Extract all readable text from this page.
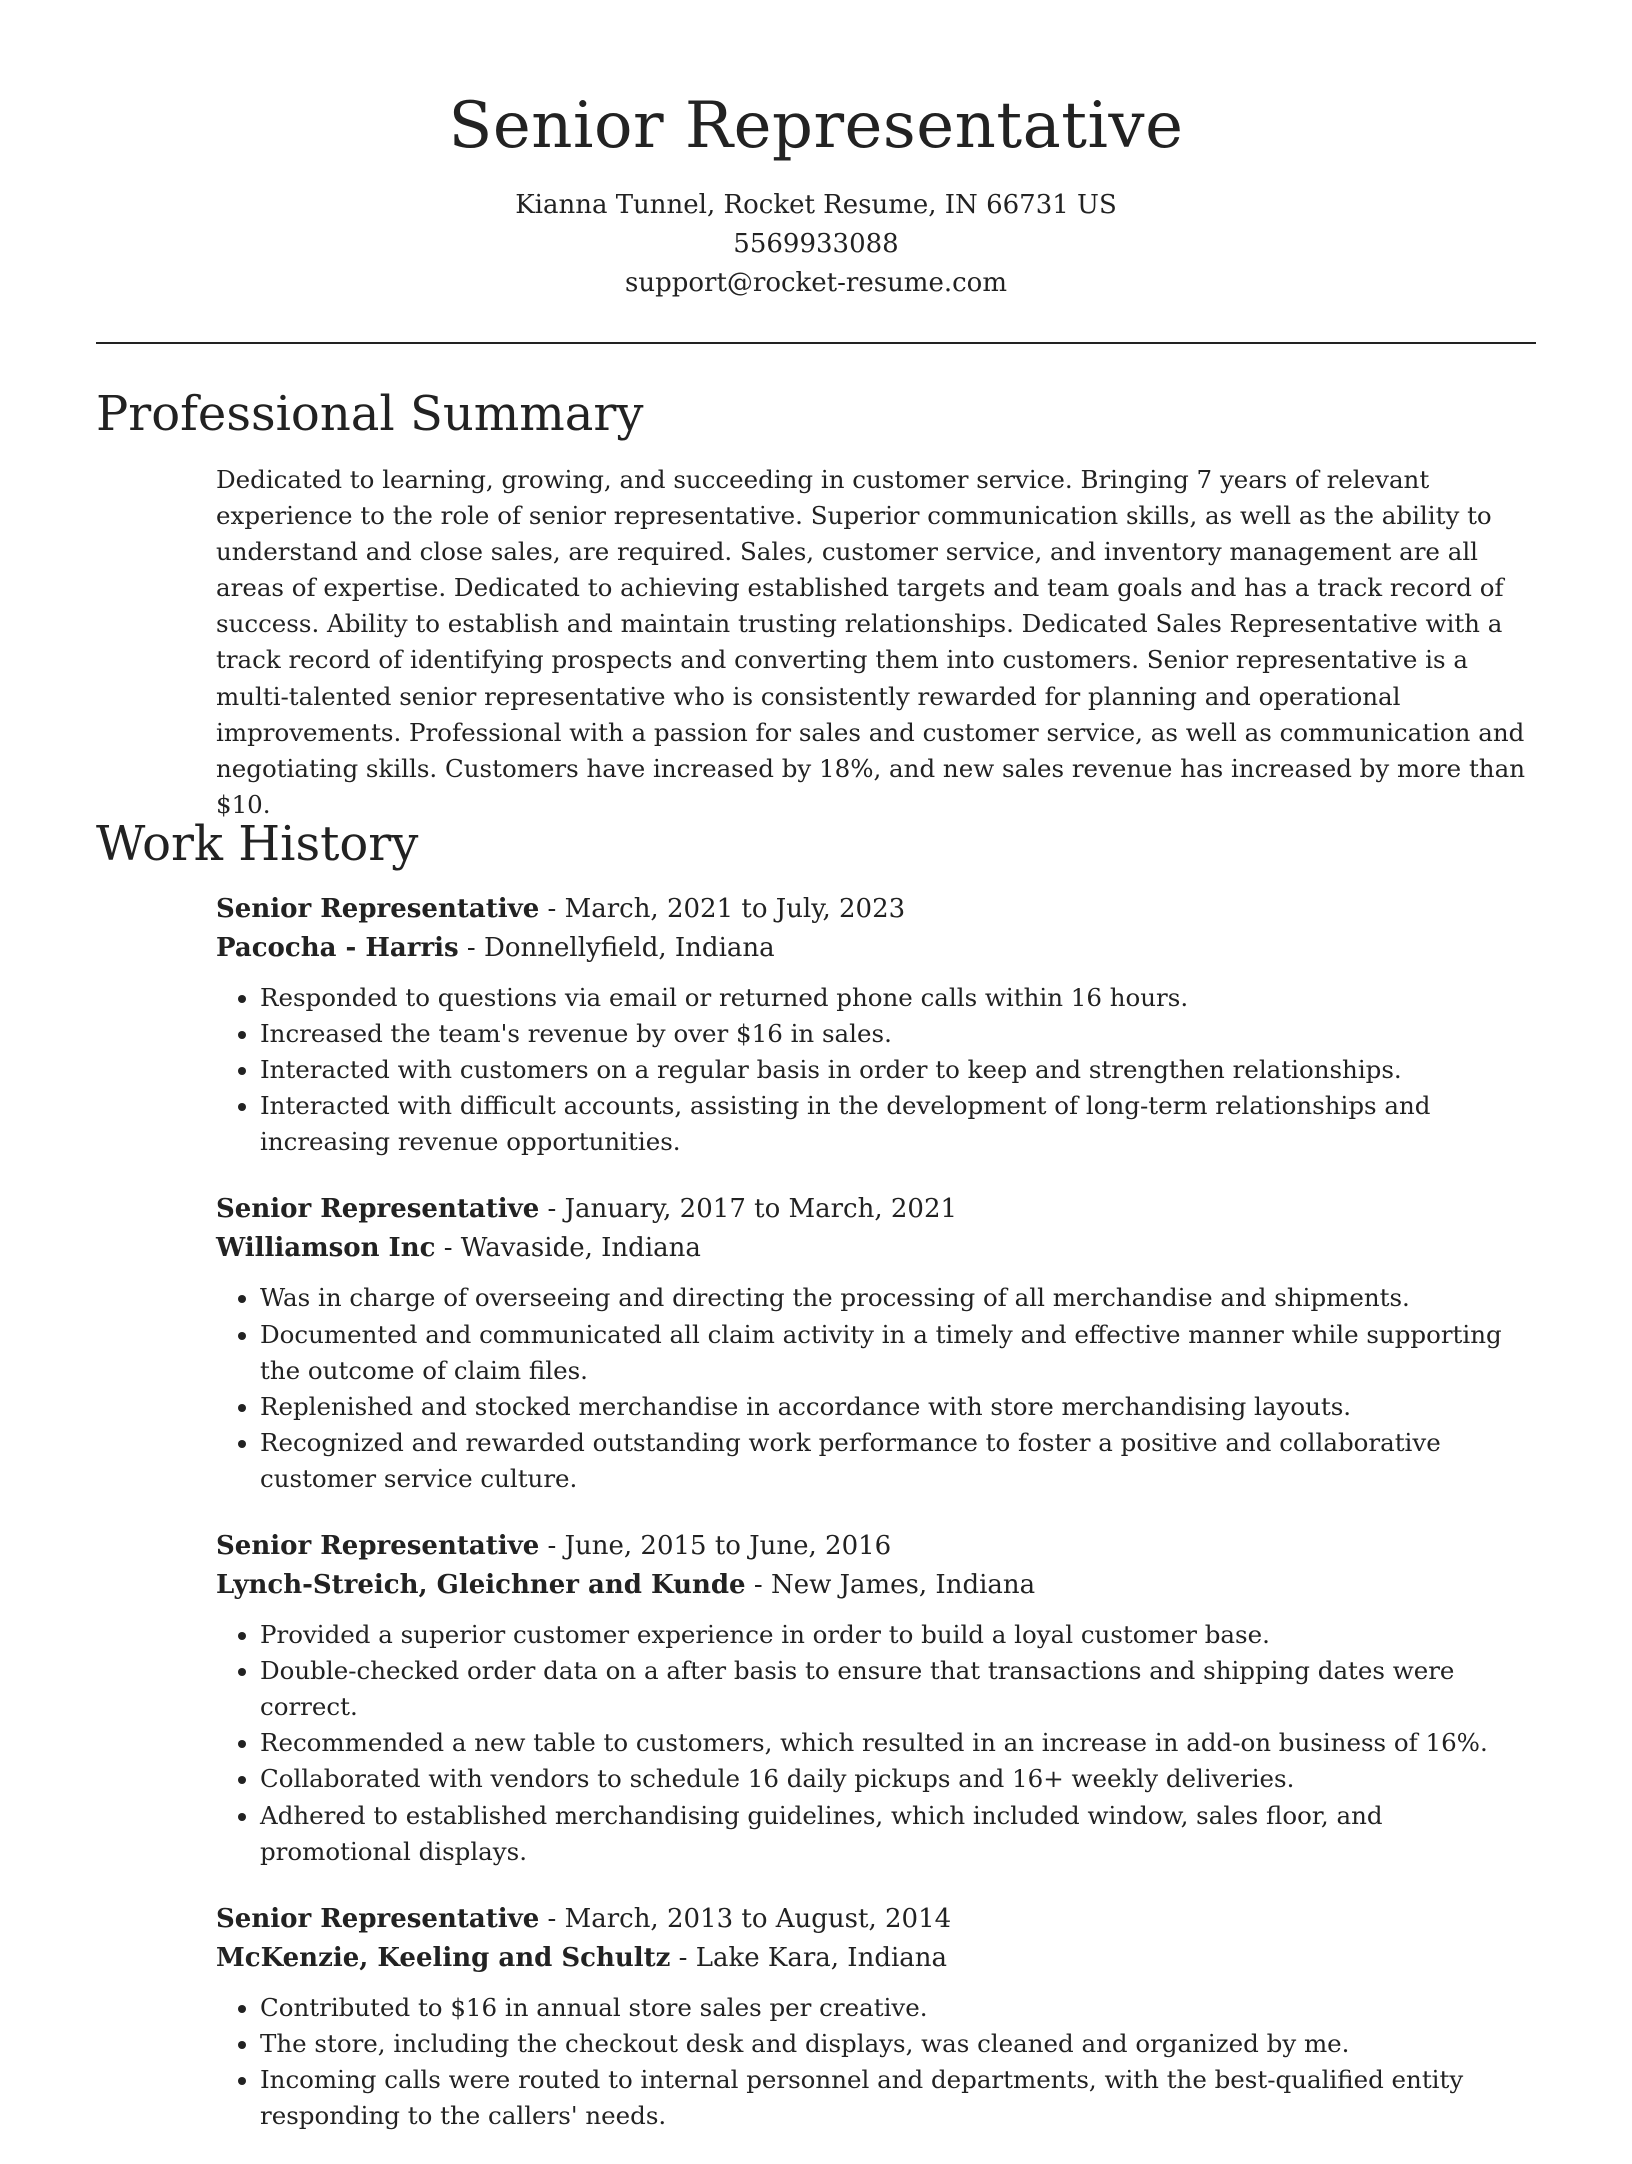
Senior Representative
Kianna Tunnel, Rocket Resume, IN 66731 US
5569933088
support@rocket-resume.com
Professional Summary

Dedicated to learning, growing, and succeeding in customer service. Bringing 7 years of relevant experience to the role of senior representative. Superior communication skills, as well as the ability to understand and close sales, are required. Sales, customer service, and inventory management are all areas of expertise. Dedicated to achieving established targets and team goals and has a track record of success. Ability to establish and maintain trusting relationships. Dedicated Sales Representative with a track record of identifying prospects and converting them into customers. Senior representative is a multi-talented senior representative who is consistently rewarded for planning and operational improvements. Professional with a passion for sales and customer service, as well as communication and negotiating skills. Customers have increased by 18%, and new sales revenue has increased by more than $10.

Work History
Senior Representative - March, 2021 to July, 2023
Pacocha - Harris - Donnellyfield, Indiana
• Responded to questions via email or returned phone calls within 16 hours.
• Increased the team's revenue by over $16 in sales.
• Interacted with customers on a regular basis in order to keep and strengthen relationships.
• Interacted with difficult accounts, assisting in the development of long-term relationships and increasing revenue opportunities.
Senior Representative - January, 2017 to March, 2021
Williamson Inc - Wavaside, Indiana
• Was in charge of overseeing and directing the processing of all merchandise and shipments.
• Documented and communicated all claim activity in a timely and effective manner while supporting the outcome of claim files.
• Replenished and stocked merchandise in accordance with store merchandising layouts.
• Recognized and rewarded outstanding work performance to foster a positive and collaborative customer service culture.
Senior Representative - June, 2015 to June, 2016
Lynch-Streich, Gleichner and Kunde - New James, Indiana
• Provided a superior customer experience in order to build a loyal customer base.
• Double-checked order data on a after basis to ensure that transactions and shipping dates were correct.
• Recommended a new table to customers, which resulted in an increase in add-on business of 16%.
• Collaborated with vendors to schedule 16 daily pickups and 16+ weekly deliveries.
• Adhered to established merchandising guidelines, which included window, sales floor, and promotional displays.
Senior Representative - March, 2013 to August, 2014
McKenzie, Keeling and Schultz - Lake Kara, Indiana
• Contributed to $16 in annual store sales per creative.
• The store, including the checkout desk and displays, was cleaned and organized by me.
• Incoming calls were routed to internal personnel and departments, with the best-qualified entity responding to the callers' needs.
